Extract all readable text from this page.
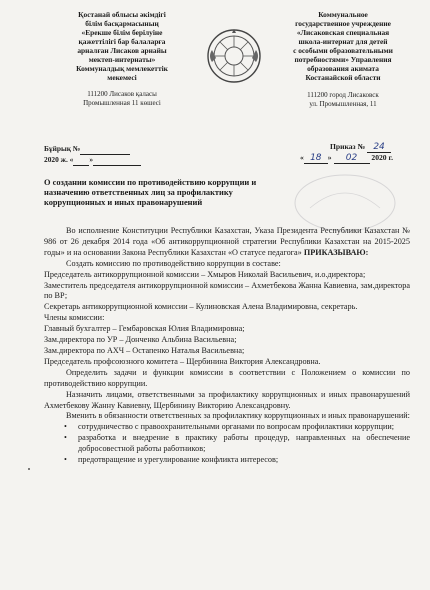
Қостанай облысы әкімдігі
білім басқармасының
«Ерекше білім берілуіне
қажеттілігі бар балаларға
арналған Лисаков арнайы
мектеп-интернаты»
Коммуналдық мемлекеттік
мекемесі
111200 Лисаков қаласы
Промышленная 11 көшесі
Коммунальное
государственное учреждение
«Лисаковская специальная
школа-интернат для детей
с особыми образовательными
потребностями» Управления
образования акимата
Костанайской области
111200 город Лисаковск
ул. Промышленная, 11
Бұйрық №
2020 ж. « »
Приказ № 24
« 18 » 02 2020 г.
О создании комиссии по противодействию коррупции и назначению ответственных лиц за профилактику коррупционных и иных правонарушений

Во исполнение Конституции Республики Казахстан, Указа Президента Республики Казахстан № 986 от 26 декабря 2014 года «Об антикоррупционной стратегии Республики Казахстан на 2015-2025 годы» и на основании Закона Республики Казахстан «О статусе педагога» ПРИКАЗЫВАЮ:

Создать комиссию по противодействию коррупции в составе:

Председатель антикоррупционной комиссии – Хмыров Николай Васильевич, и.о.директора;

Заместитель председателя антикоррупционной комиссии – Ахметбекова Жанна Кавиевна, зам.директора по ВР;

Секретарь антикоррупционной комиссии – Кулиновская Алена Владимировна, секретарь.

Члены комиссии:

Главный бухгалтер – Гембаровская Юлия Владимировна;

Зам.директора по УР – Донченко Альбина Васильевна;

Зам.директора по АХЧ – Остапенко Наталья Васильевна;

Председатель профсоюзного комитета – Щербинина Виктория Александровна.

Определить задачи и функции комиссии в соответствии с Положением о комиссии по противодействию коррупции.

Назначить лицами, ответственными за профилактику коррупционных и иных правонарушений Ахметбекову Жанну Кавиевну, Щербинину Викторию Александровну.

Вменить в обязанности ответственных за профилактику коррупционных и иных правонарушений:

• сотрудничество с правоохранительными органами по вопросам профилактики коррупции;
• разработка и внедрение в практику работы процедур, направленных на обеспечение добросовестной работы работников;
• предотвращение и урегулирование конфликта интересов;
